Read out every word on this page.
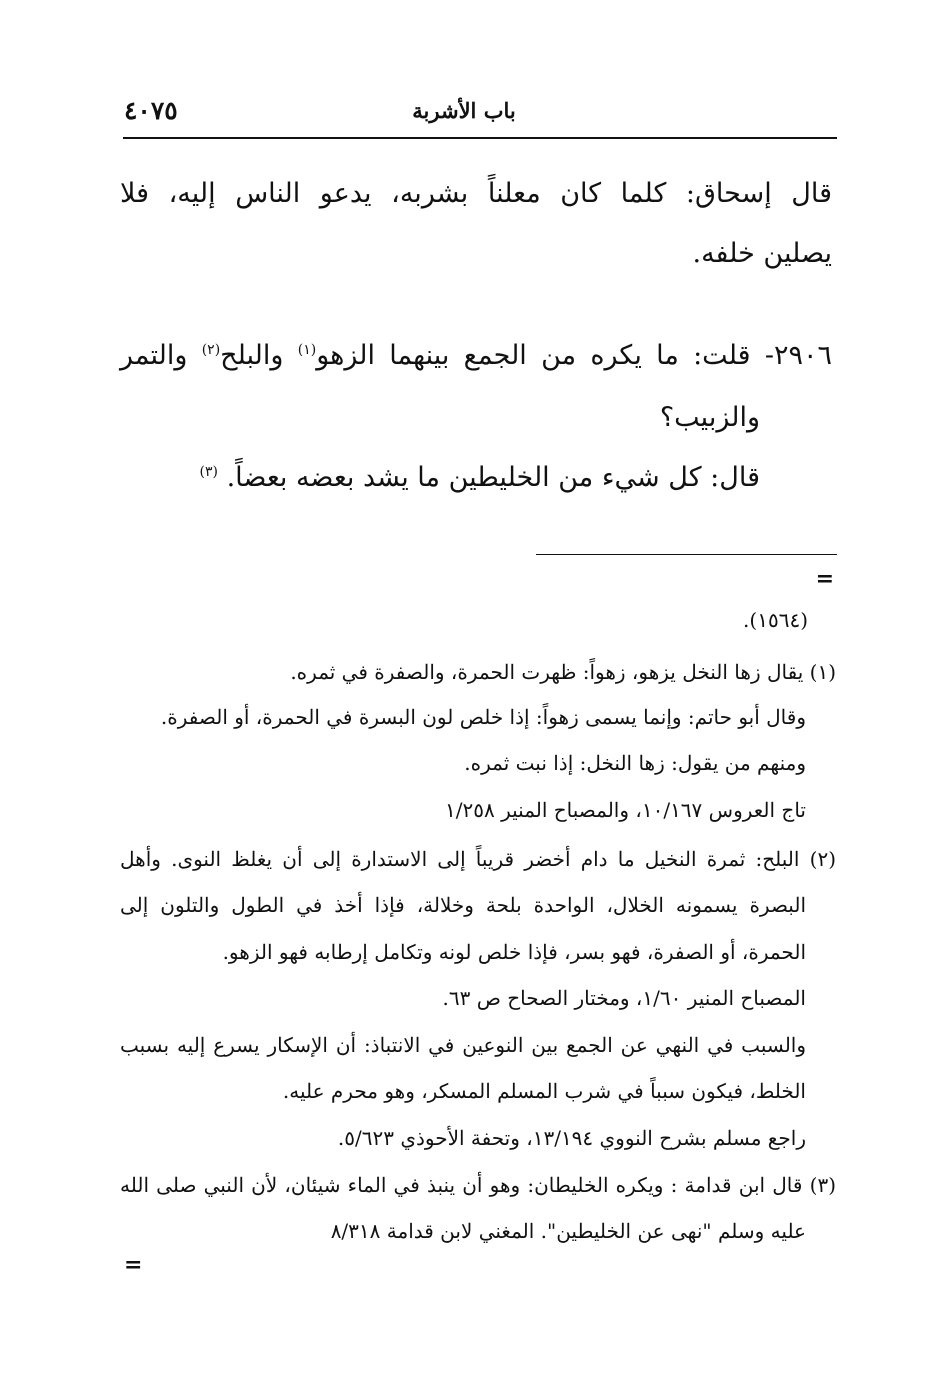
٤٠٧٥	باب الأشربة
قال إسحاق: كلما كان معلناً بشربه، يدعو الناس إليه، فلا
يصلين خلفه.
٢٩٠٦- قلت: ما يكره من الجمع بينهما الزهو$^{(١)}$ والبلح$^{(٢)}$ والتمر
والزبيب؟
قال: كل شيء من الخليطين ما يشد بعضه بعضاً. $^{(٣)}$
=
(١٥٦٤).
(١) يقال زها النخل يزهو، زهواً: ظهرت الحمرة، والصفرة في ثمره.
وقال أبو حاتم: وإنما يسمى زهواً: إذا خلص لون البسرة في الحمرة، أو الصفرة.
ومنهم من يقول: زها النخل: إذا نبت ثمره.
تاج العروس ١٠/١٦٧، والمصباح المنير ١/٢٥٨
(٢) البلح: ثمرة النخيل ما دام أخضر قريباً إلى الاستدارة إلى أن يغلظ النوى. وأهل
البصرة يسمونه الخلال، الواحدة بلحة وخلالة، فإذا أخذ في الطول والتلون إلى
الحمرة، أو الصفرة، فهو بسر، فإذا خلص لونه وتكامل إرطابه فهو الزهو.
المصباح المنير ١/٦٠، ومختار الصحاح ص ٦٣.
والسبب في النهي عن الجمع بين النوعين في الانتباذ: أن الإسكار يسرع إليه بسبب
الخلط، فيكون سبباً في شرب المسلم المسكر، وهو محرم عليه.
راجع مسلم بشرح النووي ١٣/١٩٤، وتحفة الأحوذي ٥/٦٢٣.
(٣) قال ابن قدامة : ويكره الخليطان: وهو أن ينبذ في الماء شيئان، لأن النبي صلى الله
عليه وسلم "نهى عن الخليطين". المغني لابن قدامة ٨/٣١٨
=
